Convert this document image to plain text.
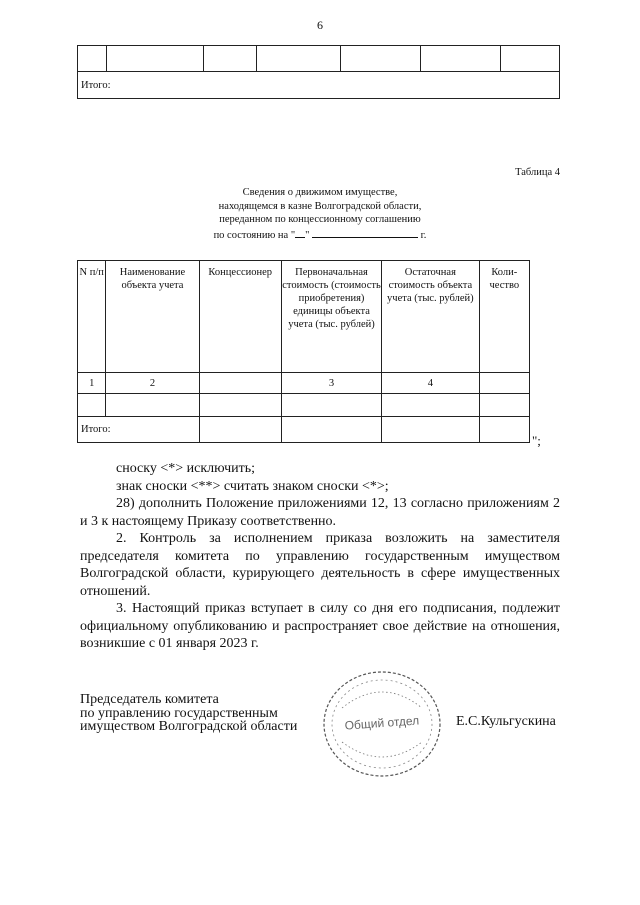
6

Итого:
Таблица 4
Сведения о движимом имуществе,
находящемся в казне Волгоградской области,
переданном по концессионному соглашению
по состоянию на " "	г.
N п/п	Наименование объекта учета	Концессионер	Первоначальная стоимость (стоимость приобретения) единицы объекта учета (тыс. рублей)	Остаточная стоимость объекта учета (тыс. рублей)	Коли-чество
1	2		3	4	

Итого:					
";

сноску <*> исключить;

знак сноски <**> считать знаком сноски <*>;

28) дополнить Положение приложениями 12, 13 согласно приложениям 2 и 3 к настоящему Приказу соответственно.

2. Контроль за исполнением приказа возложить на заместителя председателя комитета по управлению государственным имуществом Волгоградской области, курирующего деятельность в сфере имущественных отношений.

3. Настоящий приказ вступает в силу со дня его подписания, подлежит официальному опубликованию и распространяет свое действие на отношения, возникшие с 01 января 2023 г.

Председатель комитета
по управлению государственным
имуществом Волгоградской области	Общий отдел	Е.С.Кульгускина
